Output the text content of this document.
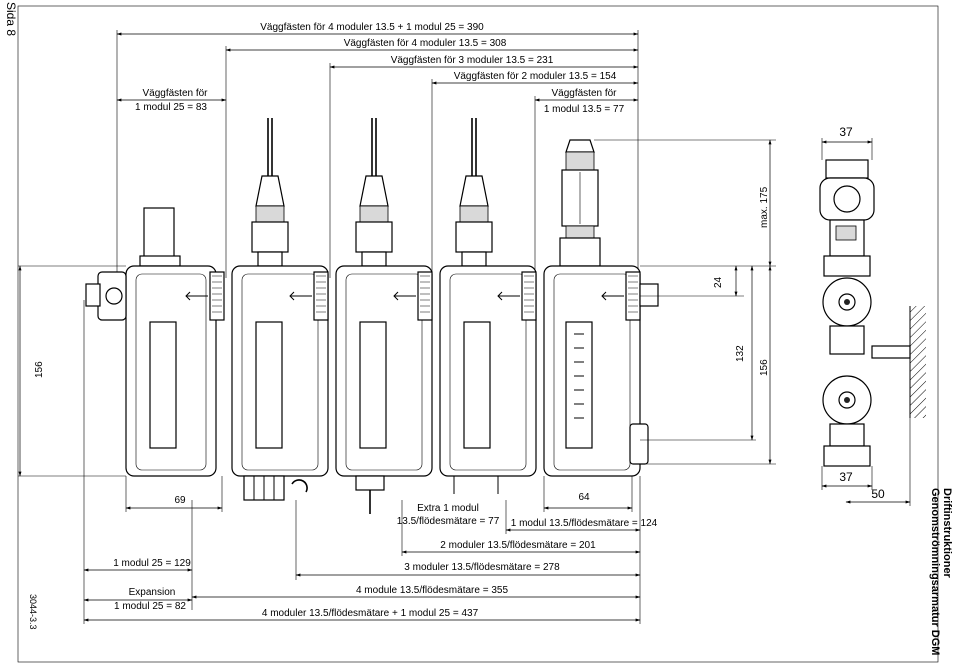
Sida 8
3044-3.3
Driftinstruktioner
Genomströmningsarmatur DGM
Väggfästen för 4 moduler 13.5 + 1 modul 25 = 390
Väggfästen för 4 moduler 13.5 = 308
Väggfästen för 3 moduler 13.5 = 231
Väggfästen för 2 moduler 13.5 = 154
Väggfästen för
1 modul 13.5 = 77
Väggfästen för
1 modul 25 = 83
max. 175
24
132
156
156
69	64
Extra 1 modul
13.5/flödesmätare = 77 1 modul 13.5/flödesmätare = 124
2 moduler 13.5/flödesmätare = 201
1 modul 25 = 129	3 moduler 13.5/flödesmätare = 278
Expansion	4 module 13.5/flödesmätare = 355
1 modul 25 = 82
4 moduler 13.5/flödesmätare + 1 modul 25 = 437
37
37
50
